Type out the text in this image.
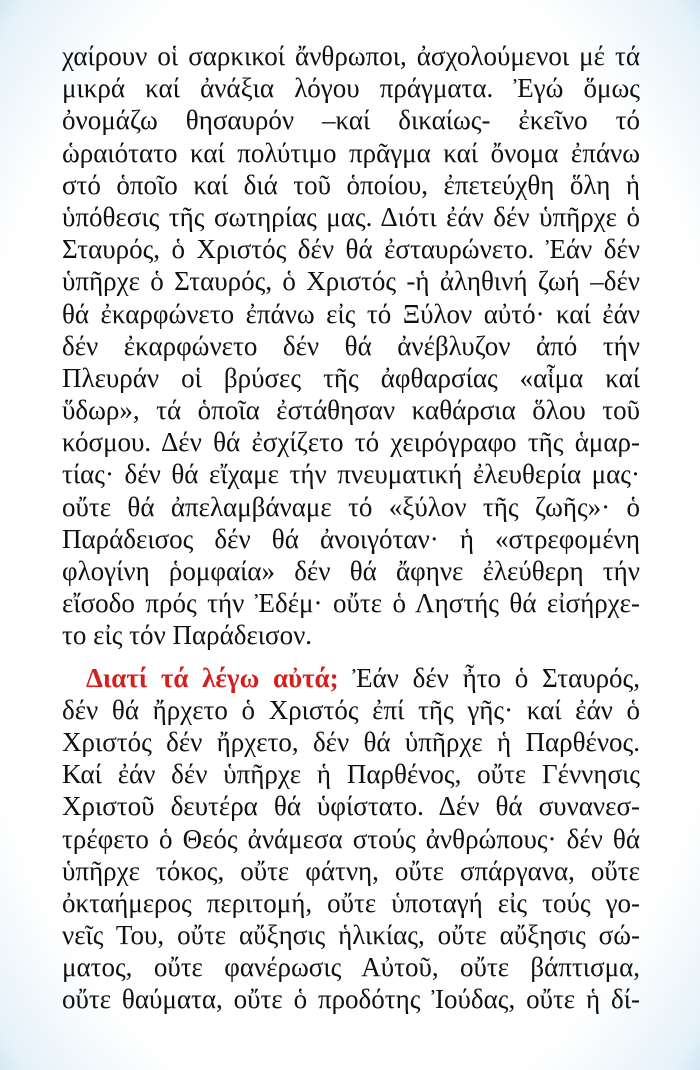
χαίρουν οἱ σαρκικοί ἄνθρωποι, ἀσχολούμενοι μέ τά
μικρά καί ἀνάξια λόγου πράγματα. Ἐγώ ὅμως
ὀνομάζω θησαυρόν –καί δικαίως- ἐκεῖνο τό
ὡραιότατο καί πολύτιμο πρᾶγμα καί ὄνομα ἐπάνω
στό ὁποῖο καί διά τοῦ ὁποίου, ἐπετεύχθη ὅλη ἡ
ὑπόθεσις τῆς σωτηρίας μας. Διότι ἐάν δέν ὑπῆρχε ὁ
Σταυρός, ὁ Χριστός δέν θά ἐσταυρώνετο. Ἐάν δέν
ὑπῆρχε ὁ Σταυρός, ὁ Χριστός -ἡ ἀληθινή ζωή –δέν
θά ἐκαρφώνετο ἐπάνω εἰς τό Ξύλον αὐτό· καί ἐάν
δέν ἐκαρφώνετο δέν θά ἀνέβλυζον ἀπό τήν
Πλευράν οἱ βρύσες τῆς ἀφθαρσίας «αἷμα καί
ὕδωρ», τά ὁποῖα ἐστάθησαν καθάρσια ὅλου τοῦ
κόσμου. Δέν θά ἐσχίζετο τό χειρόγραφο τῆς ἁμαρ-
τίας· δέν θά εἴχαμε τήν πνευματική ἐλευθερία μας·
οὔτε θά ἀπελαμβάναμε τό «ξύλον τῆς ζωῆς»· ὁ
Παράδεισος δέν θά ἀνοιγόταν· ἡ «στρεφομένη
φλογίνη ῥομφαία» δέν θά ἄφηνε ἐλεύθερη τήν
εἴσοδο πρός τήν Ἐδέμ· οὔτε ὁ Ληστής θά εἰσήρχε-
το εἰς τόν Παράδεισον.
Διατί τά λέγω αὐτά; Ἐάν δέν ἦτο ὁ Σταυρός,
δέν θά ἤρχετο ὁ Χριστός ἐπί τῆς γῆς· καί ἐάν ὁ
Χριστός δέν ἤρχετο, δέν θά ὑπῆρχε ἡ Παρθένος.
Καί ἐάν δέν ὑπῆρχε ἡ Παρθένος, οὔτε Γέννησις
Χριστοῦ δευτέρα θά ὑφίστατο. Δέν θά συνανεσ-
τρέφετο ὁ Θεός ἀνάμεσα στούς ἀνθρώπους· δέν θά
ὑπῆρχε τόκος, οὔτε φάτνη, οὔτε σπάργανα, οὔτε
ὀκταήμερος περιτομή, οὔτε ὑποταγή εἰς τούς γο-
νεῖς Του, οὔτε αὔξησις ἡλικίας, οὔτε αὔξησις σώ-
ματος, οὔτε φανέρωσις Αὐτοῦ, οὔτε βάπτισμα,
οὔτε θαύματα, οὔτε ὁ προδότης Ἰούδας, οὔτε ἡ δί-
